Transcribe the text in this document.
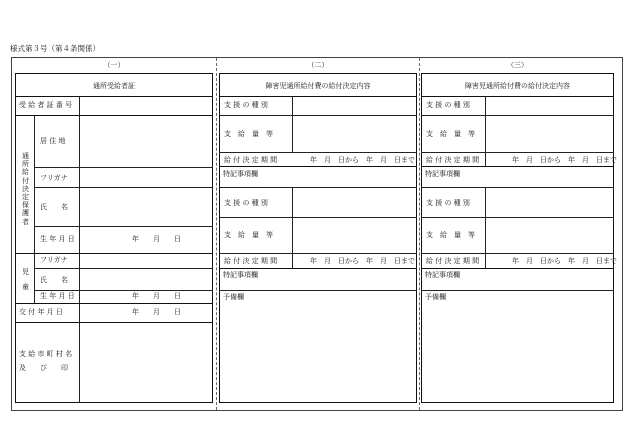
様式第３号（第４条関係）
（一）	（二）	（三）
通所受給者証
受 給 者 証 番 号
通所給付決定保護者
居 住 地
フリガナ
氏　　名
生 年 月 日	年　　月　　日
児
童
フリガナ
氏　　名
生 年 月 日	年　　月　　日
交 付 年 月 日	年　　月　　日
支 給 市 町 村 名
及　　び　　印
障害児通所給付費の給付決定内容
支 援 の 種 別
支　給　量　等
給 付 決 定 期 間	年　月　日から　年　月　日まで
特記事項欄
支 援 の 種 別
支　給　量　等
給 付 決 定 期 間	年　月　日から　年　月　日まで
特記事項欄
予備欄
障害児通所給付費の給付決定内容
支 援 の 種 別
支　給　量　等
給 付 決 定 期 間	年　月　日から　年　月　日まで
特記事項欄
支 援 の 種 別
支　給　量　等
給 付 決 定 期 間	年　月　日から　年　月　日まで
特記事項欄
予備欄
